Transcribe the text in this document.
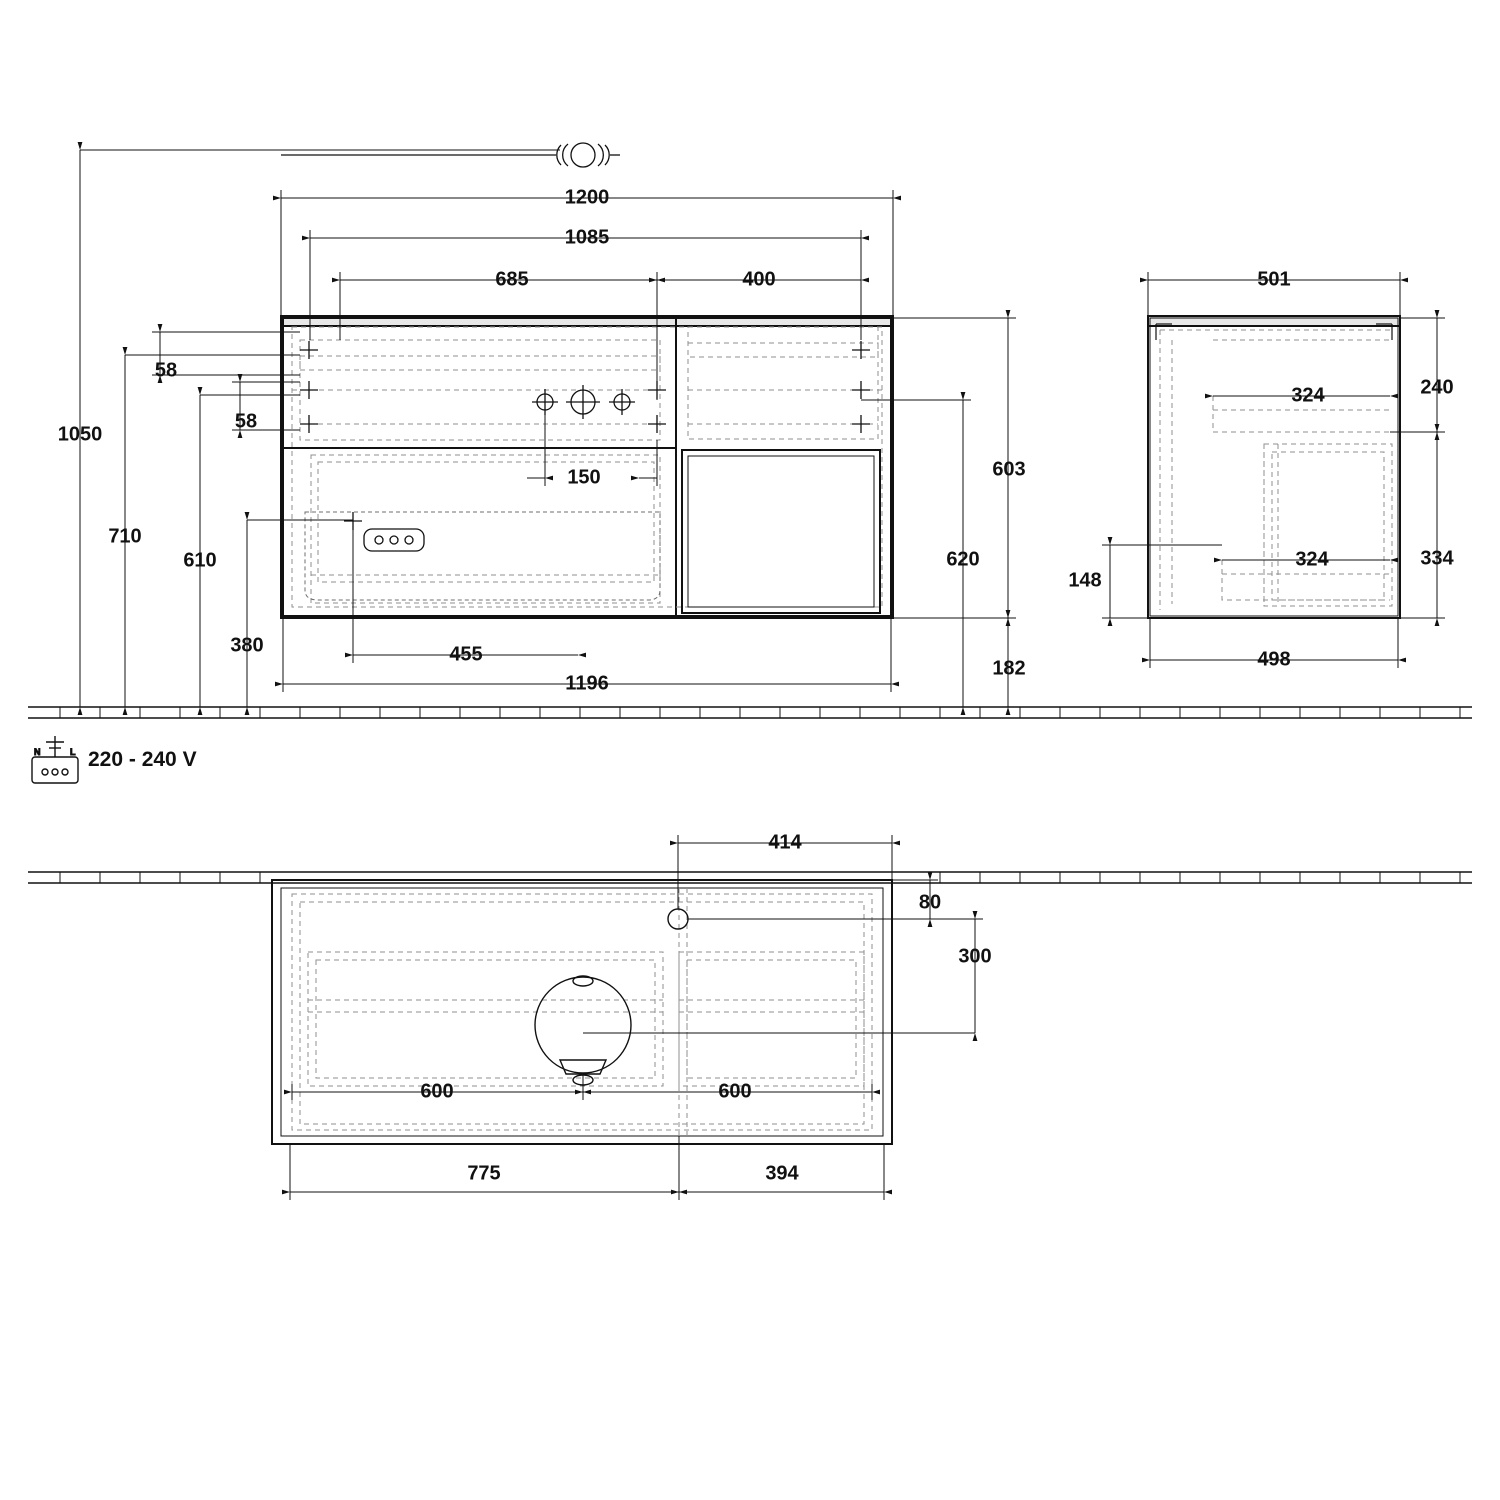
N	L
1050
710
610
380
1200
1085
685	400
150
455
1196
58
58
603
620
182
501
324
324
498
240
334
148
414
600	600
775	394
80
300
220 - 240 V
